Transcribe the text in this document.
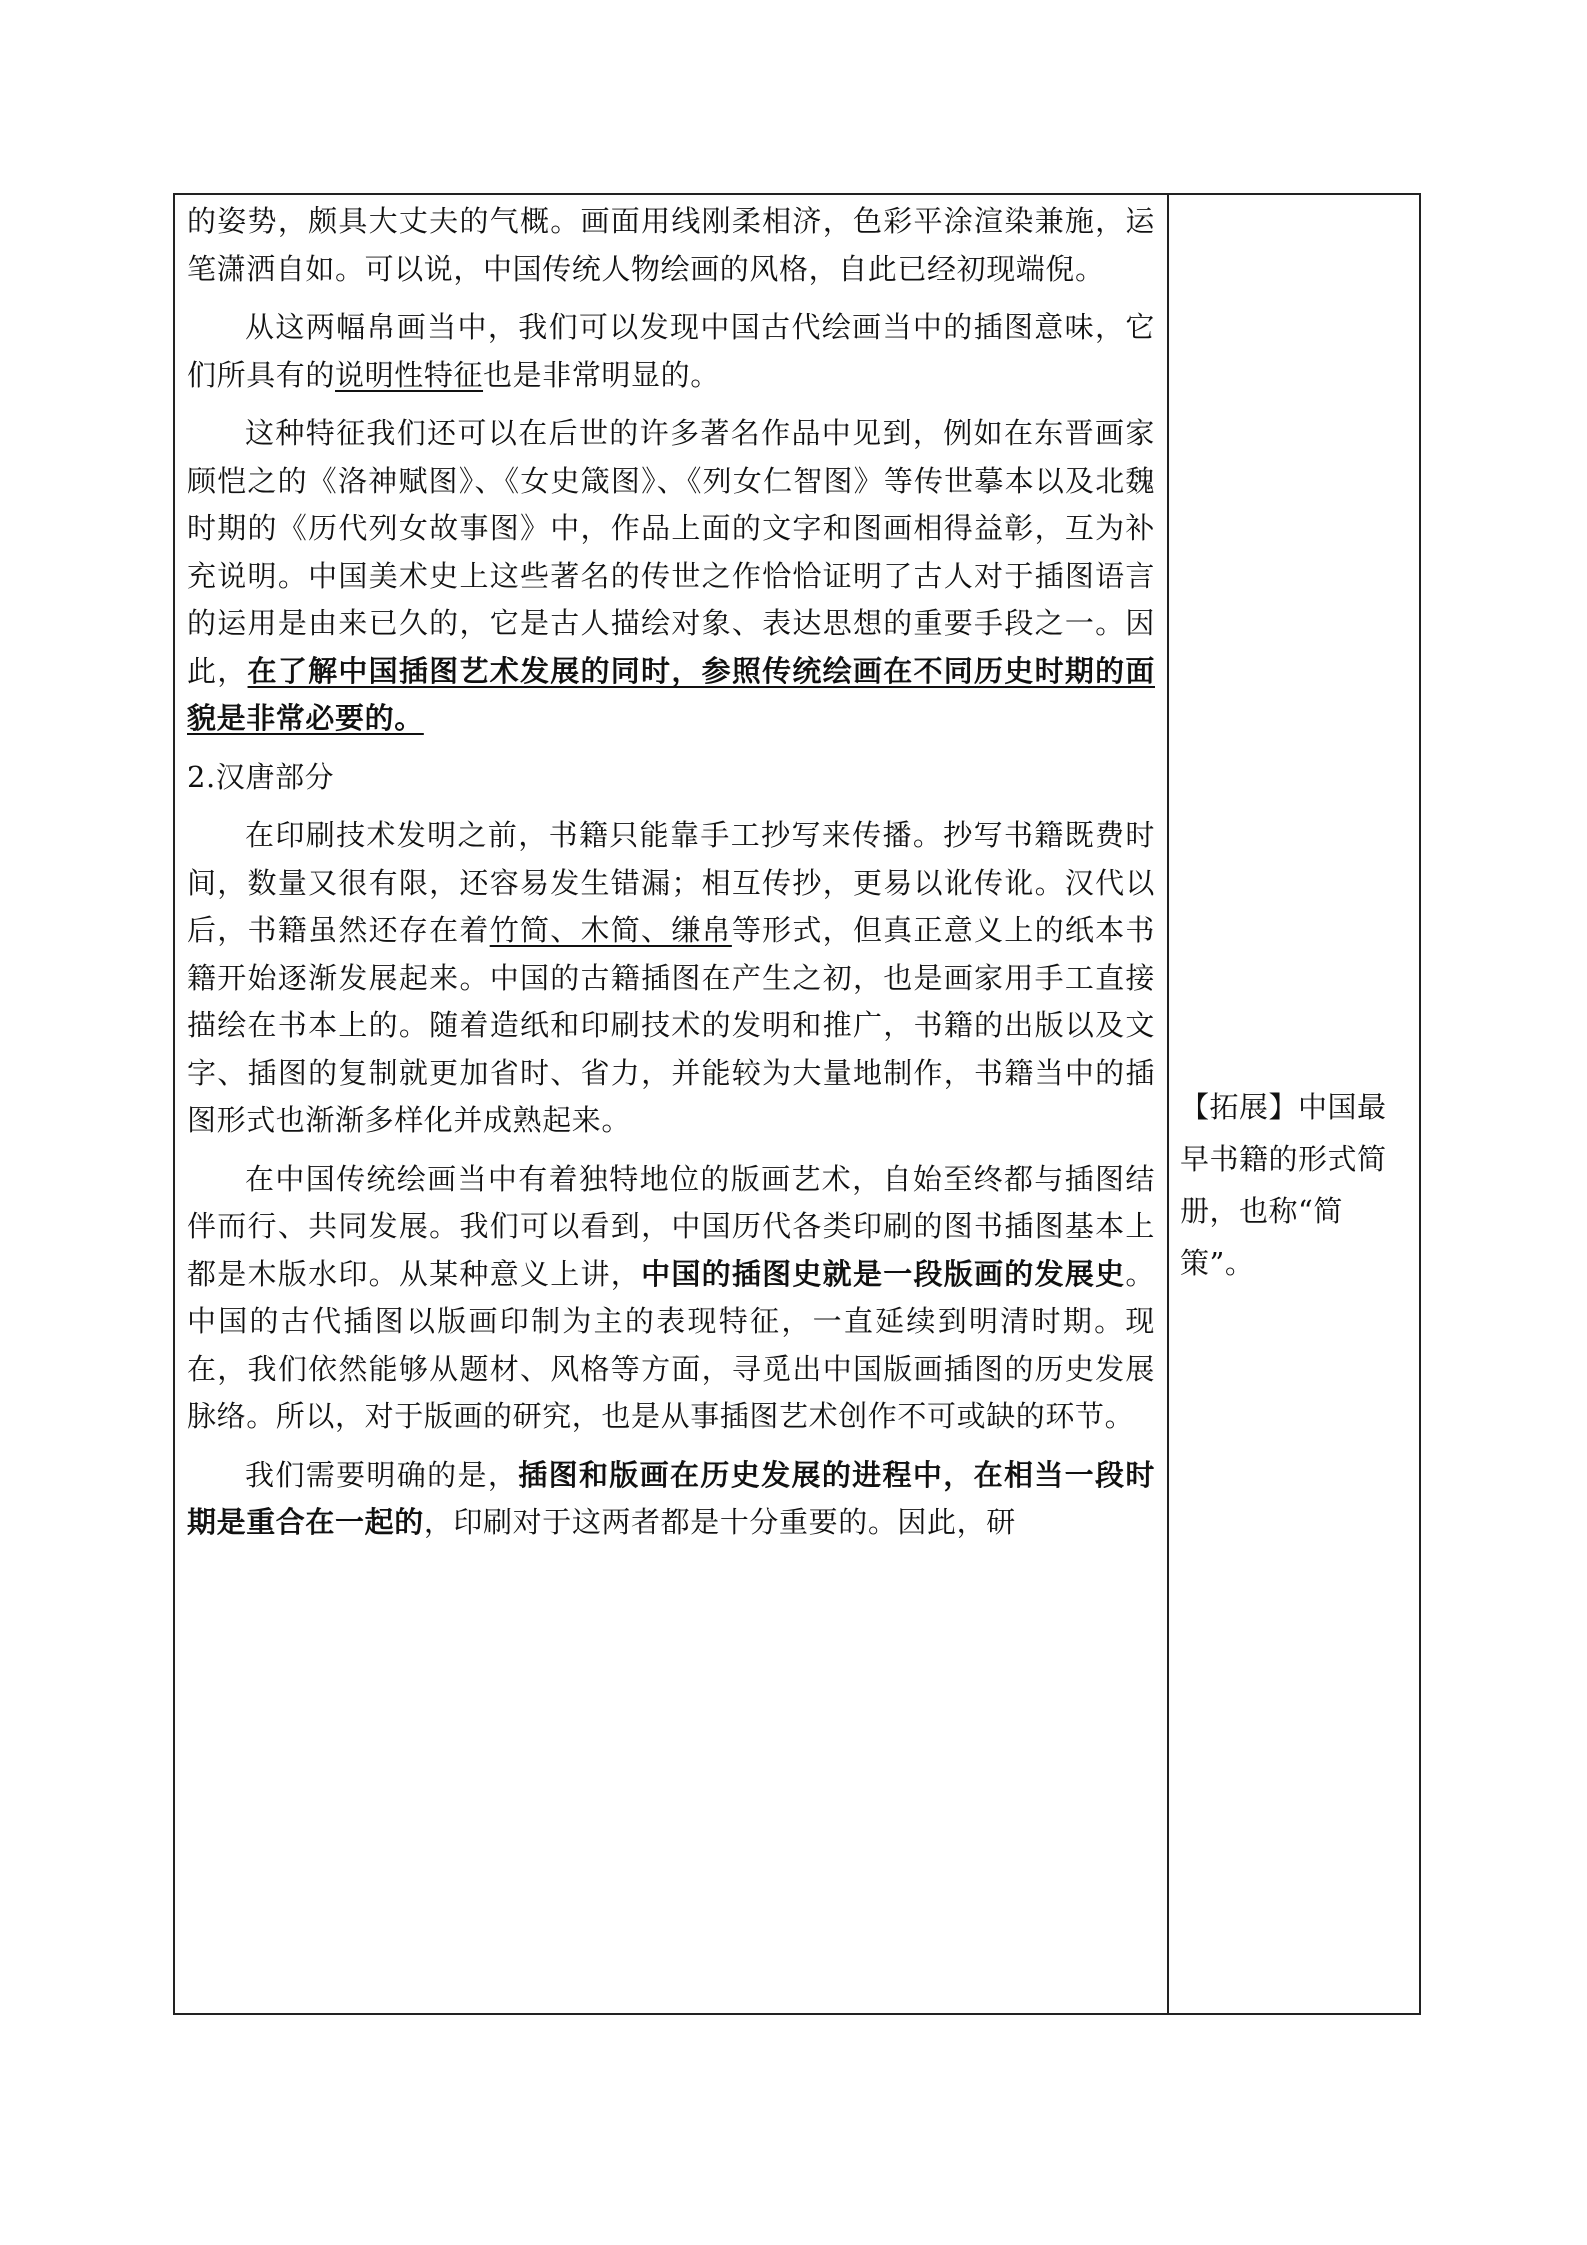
的姿势，颇具大丈夫的气概。画面用线刚柔相济，色彩平涂渲染兼施，运笔潇洒自如。可以说，中国传统人物绘画的风格，自此已经初现端倪。

从这两幅帛画当中，我们可以发现中国古代绘画当中的插图意味，它们所具有的说明性特征也是非常明显的。

这种特征我们还可以在后世的许多著名作品中见到，例如在东晋画家顾恺之的《洛神赋图》、《女史箴图》、《列女仁智图》等传世摹本以及北魏时期的《历代列女故事图》中，作品上面的文字和图画相得益彰，互为补充说明。中国美术史上这些著名的传世之作恰恰证明了古人对于插图语言的运用是由来已久的，它是古人描绘对象、表达思想的重要手段之一。因此，在了解中国插图艺术发展的同时，参照传统绘画在不同历史时期的面貌是非常必要的。

2.汉唐部分

在印刷技术发明之前，书籍只能靠手工抄写来传播。抄写书籍既费时间，数量又很有限，还容易发生错漏；相互传抄，更易以讹传讹。汉代以后，书籍虽然还存在着竹简、木简、缣帛等形式，但真正意义上的纸本书籍开始逐渐发展起来。中国的古籍插图在产生之初，也是画家用手工直接描绘在书本上的。随着造纸和印刷技术的发明和推广，书籍的出版以及文字、插图的复制就更加省时、省力，并能较为大量地制作，书籍当中的插图形式也渐渐多样化并成熟起来。

在中国传统绘画当中有着独特地位的版画艺术，自始至终都与插图结伴而行、共同发展。我们可以看到，中国历代各类印刷的图书插图基本上都是木版水印。从某种意义上讲，中国的插图史就是一段版画的发展史。中国的古代插图以版画印制为主的表现特征，一直延续到明清时期。现在，我们依然能够从题材、风格等方面，寻觅出中国版画插图的历史发展脉络。所以，对于版画的研究，也是从事插图艺术创作不可或缺的环节。

我们需要明确的是，插图和版画在历史发展的进程中，在相当一段时期是重合在一起的，印刷对于这两者都是十分重要的。因此，研

【拓展】中国最早书籍的形式简册，也称“简策”。
